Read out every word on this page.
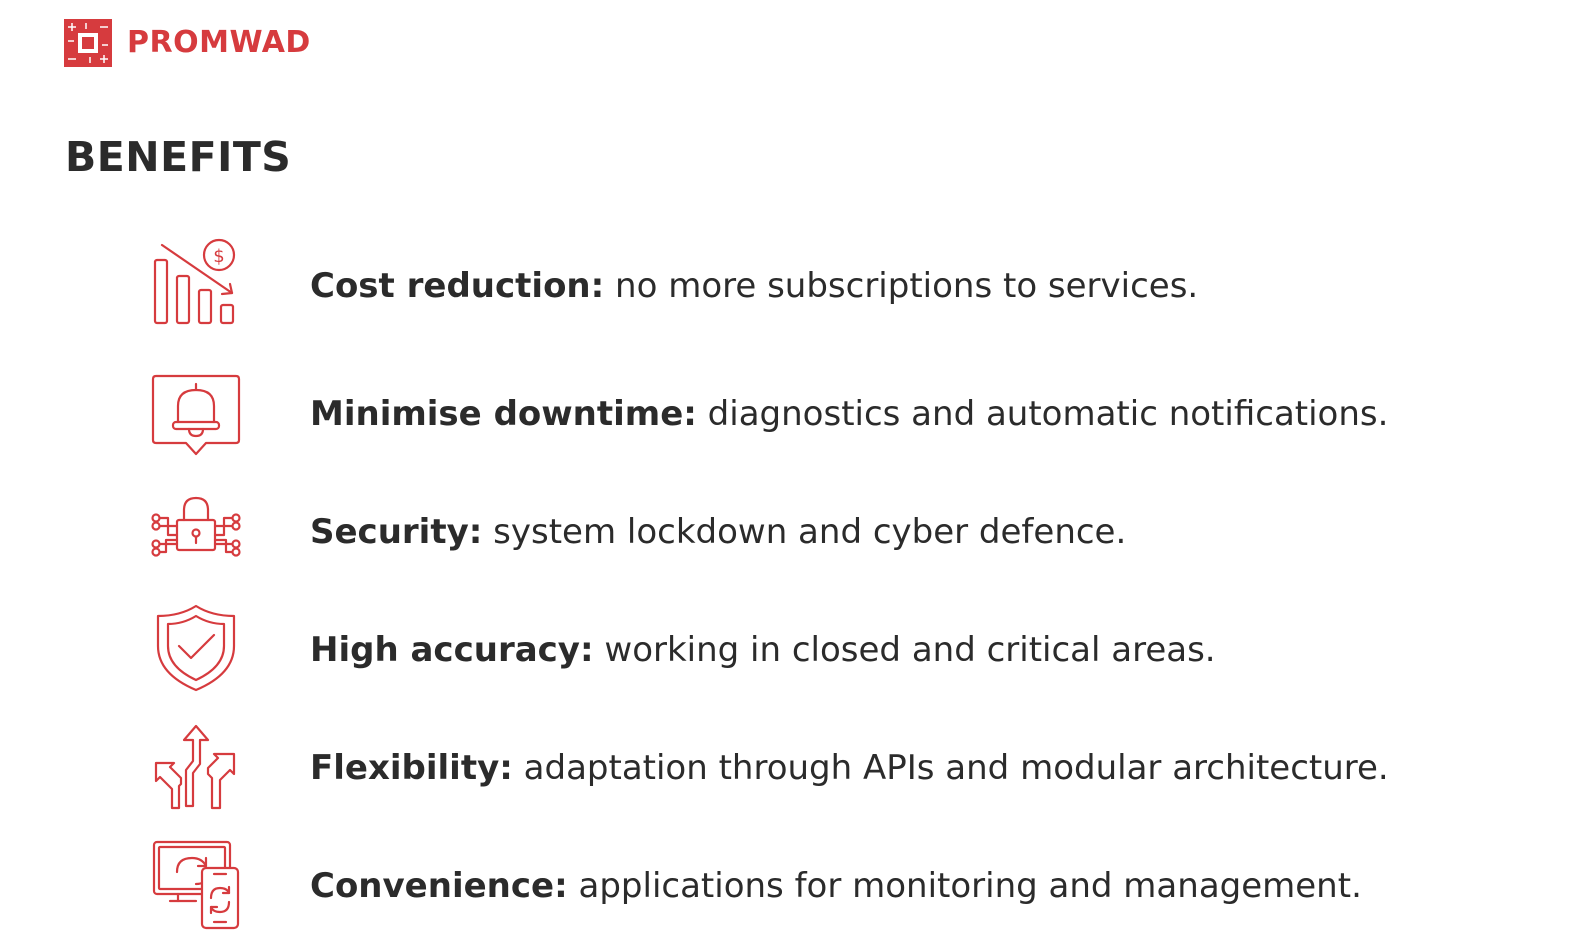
PROMWAD
BENEFITS
$
Cost reduction: no more subscriptions to services.
Minimise downtime: diagnostics and automatic notifications.
Security: system lockdown and cyber defence.
High accuracy: working in closed and critical areas.
Flexibility: adaptation through APIs and modular architecture.
Convenience: applications for monitoring and management.
